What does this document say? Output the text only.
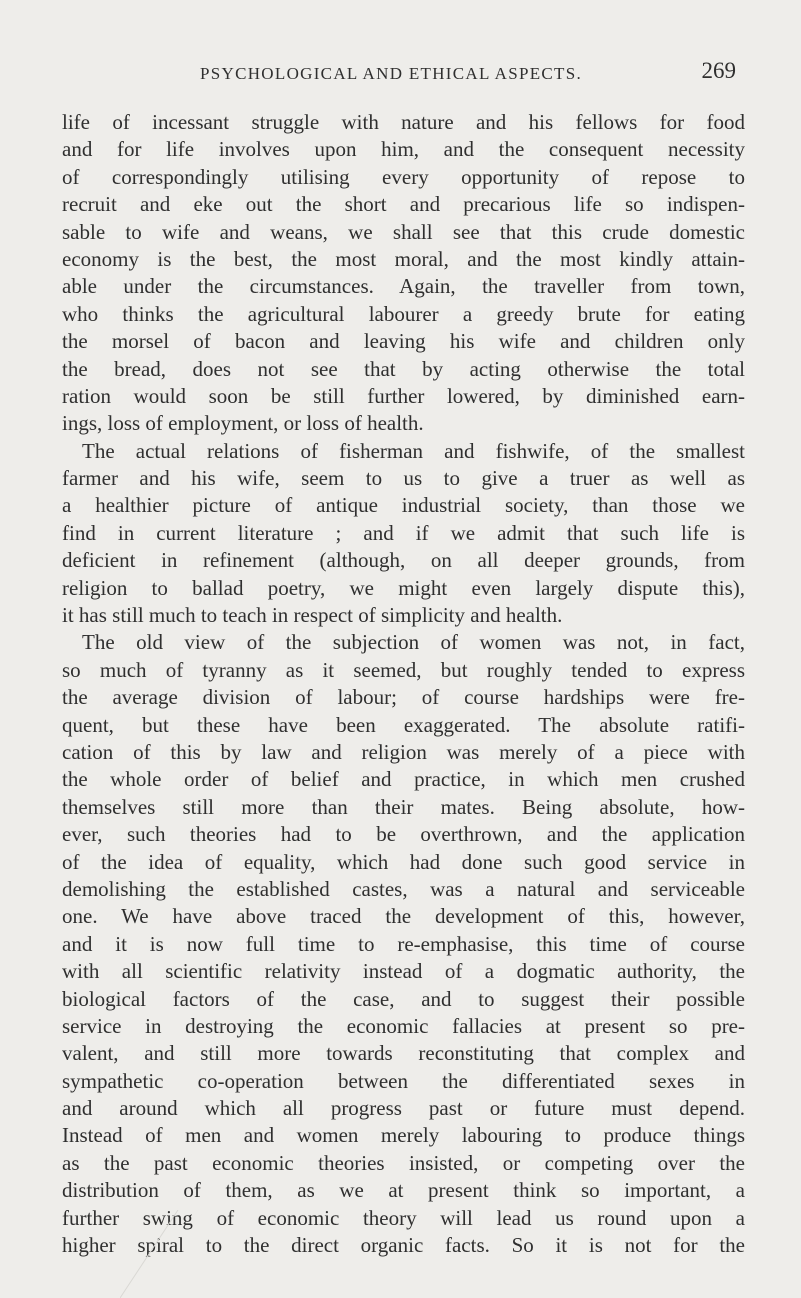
PSYCHOLOGICAL AND ETHICAL ASPECTS.	269
life of incessant struggle with nature and his fellows for food
and for life involves upon him, and the consequent necessity
of correspondingly utilising every opportunity of repose to
recruit and eke out the short and precarious life so indispen-
sable to wife and weans, we shall see that this crude domestic
economy is the best, the most moral, and the most kindly attain-
able under the circumstances. Again, the traveller from town,
who thinks the agricultural labourer a greedy brute for eating
the morsel of bacon and leaving his wife and children only
the bread, does not see that by acting otherwise the total
ration would soon be still further lowered, by diminished earn-
ings, loss of employment, or loss of health.
The actual relations of fisherman and fishwife, of the smallest
farmer and his wife, seem to us to give a truer as well as
a healthier picture of antique industrial society, than those we
find in current literature ; and if we admit that such life is
deficient in refinement (although, on all deeper grounds, from
religion to ballad poetry, we might even largely dispute this),
it has still much to teach in respect of simplicity and health.
The old view of the subjection of women was not, in fact,
so much of tyranny as it seemed, but roughly tended to express
the average division of labour; of course hardships were fre-
quent, but these have been exaggerated. The absolute ratifi-
cation of this by law and religion was merely of a piece with
the whole order of belief and practice, in which men crushed
themselves still more than their mates. Being absolute, how-
ever, such theories had to be overthrown, and the application
of the idea of equality, which had done such good service in
demolishing the established castes, was a natural and serviceable
one. We have above traced the development of this, however,
and it is now full time to re-emphasise, this time of course
with all scientific relativity instead of a dogmatic authority, the
biological factors of the case, and to suggest their possible
service in destroying the economic fallacies at present so pre-
valent, and still more towards reconstituting that complex and
sympathetic co-operation between the differentiated sexes in
and around which all progress past or future must depend.
Instead of men and women merely labouring to produce things
as the past economic theories insisted, or competing over the
distribution of them, as we at present think so important, a
further swing of economic theory will lead us round upon a
higher spiral to the direct organic facts. So it is not for the
